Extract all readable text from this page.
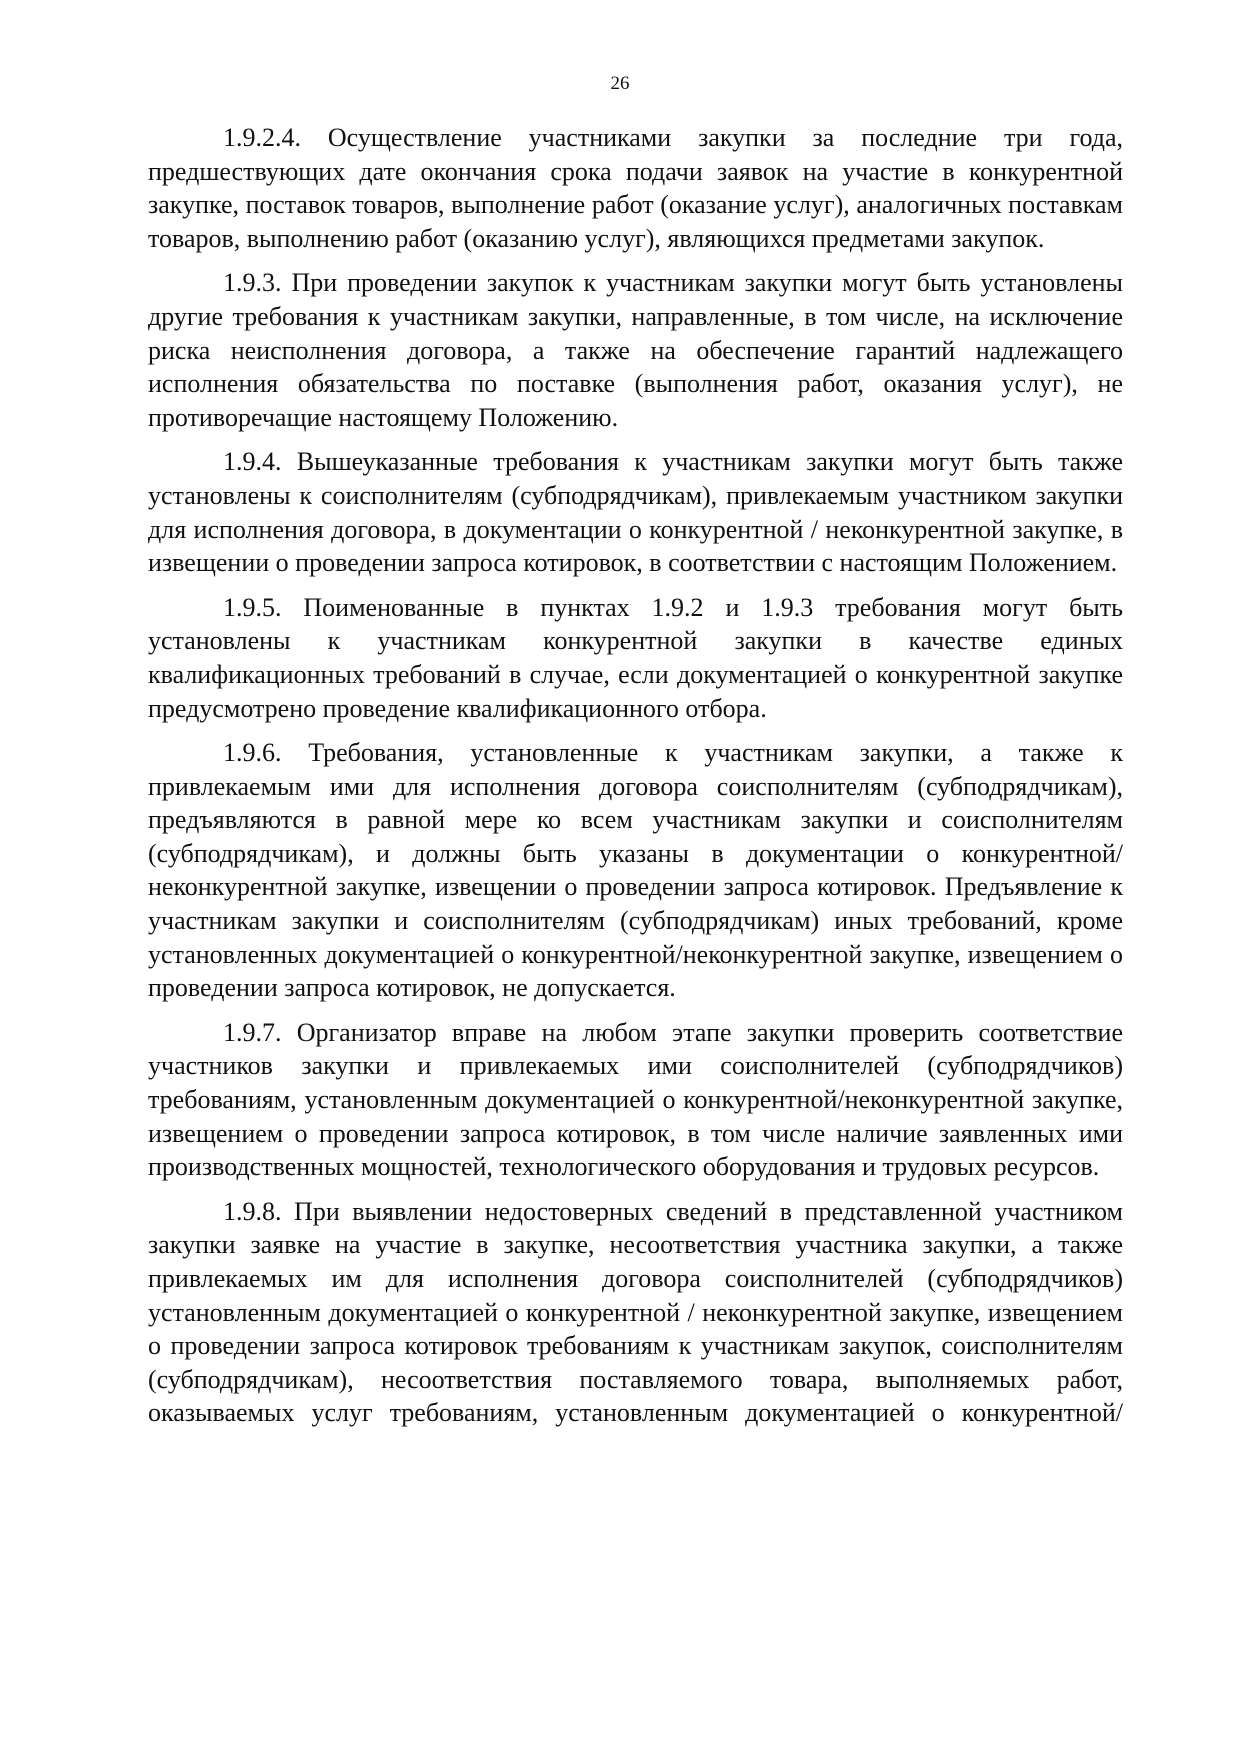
26

1.9.2.4. Осуществление участниками закупки за последние три года, предшествующих дате окончания срока подачи заявок на участие в конкурентной закупке, поставок товаров, выполнение работ (оказание услуг), аналогичных поставкам товаров, выполнению работ (оказанию услуг), являющихся предметами закупок.

1.9.3. При проведении закупок к участникам закупки могут быть установлены другие требования к участникам закупки, направленные, в том числе, на исключение риска неисполнения договора, а также на обеспечение гарантий надлежащего исполнения обязательства по поставке (выполнения работ, оказания услуг), не противоречащие настоящему Положению.

1.9.4. Вышеуказанные требования к участникам закупки могут быть также установлены к соисполнителям (субподрядчикам), привлекаемым участником закупки для исполнения договора, в документации о конкурентной / неконкурентной закупке, в извещении о проведении запроса котировок, в соответствии с настоящим Положением.

1.9.5. Поименованные в пунктах 1.9.2 и 1.9.3 требования могут быть установлены к участникам конкурентной закупки в качестве единых квалификационных требований в случае, если документацией о конкурентной закупке предусмотрено проведение квалификационного отбора.

1.9.6. Требования, установленные к участникам закупки, а также к привлекаемым ими для исполнения договора соисполнителям (субподрядчикам), предъявляются в равной мере ко всем участникам закупки и соисполнителям (субподрядчикам), и должны быть указаны в документации о конкурентной/неконкурентной закупке, извещении о проведении запроса котировок. Предъявление к участникам закупки и соисполнителям (субподрядчикам) иных требований, кроме установленных документацией о конкурентной/неконкурентной закупке, извещением о проведении запроса котировок, не допускается.

1.9.7. Организатор вправе на любом этапе закупки проверить соответствие участников закупки и привлекаемых ими соисполнителей (субподрядчиков) требованиям, установленным документацией о конкурентной/неконкурентной закупке, извещением о проведении запроса котировок, в том числе наличие заявленных ими производственных мощностей, технологического оборудования и трудовых ресурсов.

1.9.8. При выявлении недостоверных сведений в представленной участником закупки заявке на участие в закупке, несоответствия участника закупки, а также привлекаемых им для исполнения договора соисполнителей (субподрядчиков) установленным документацией о конкурентной / неконкурентной закупке, извещением о проведении запроса котировок требованиям к участникам закупок, соисполнителям (субподрядчикам), несоответствия поставляемого товара, выполняемых работ, оказываемых услуг требованиям, установленным документацией о конкурентной/
